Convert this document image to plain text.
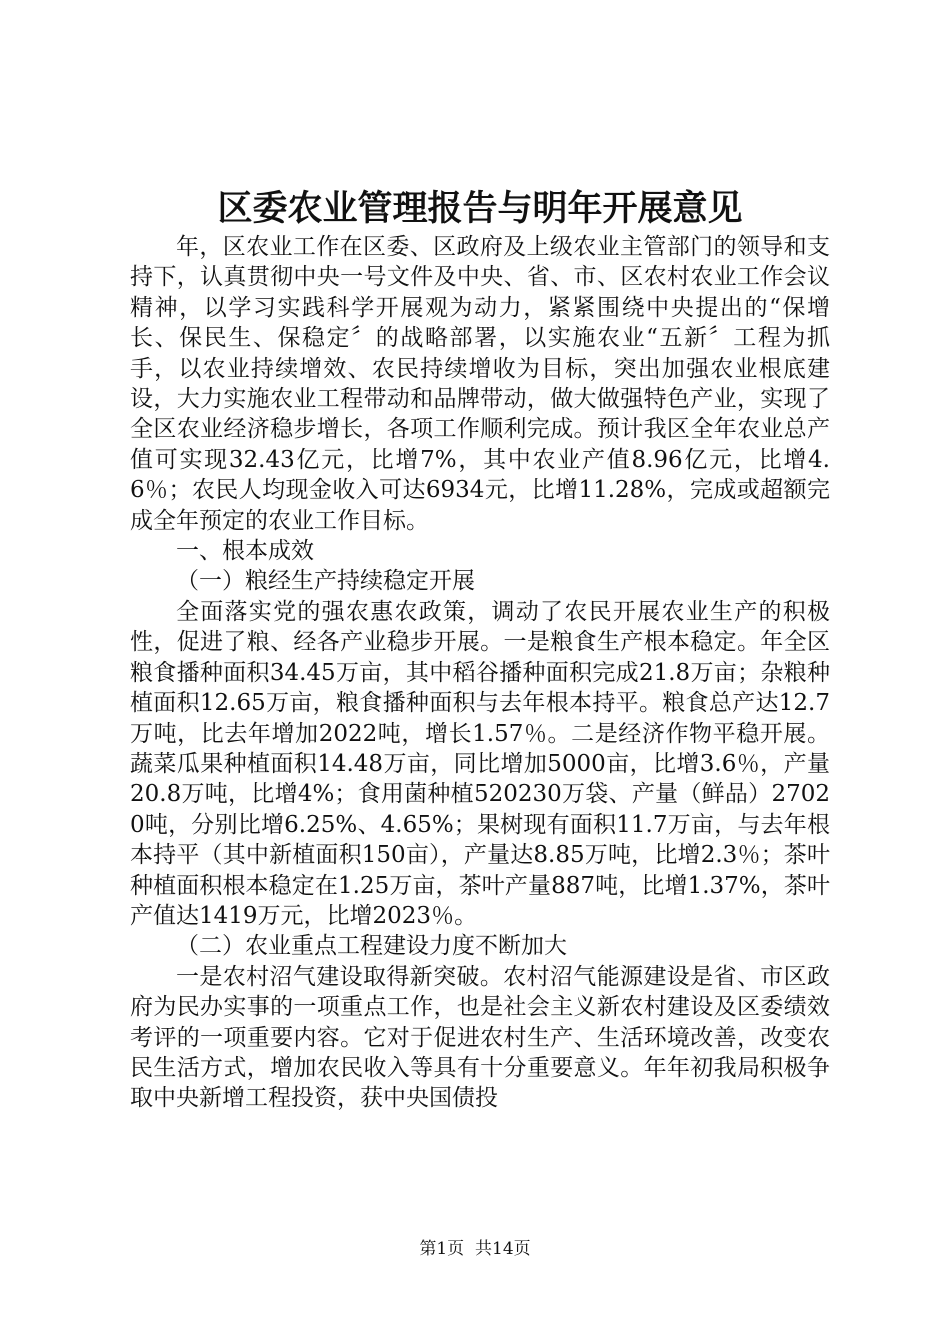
区委农业管理报告与明年开展意见

年，区农业工作在区委、区政府及上级农业主管部门的领导和支持下，认真贯彻中央一号文件及中央、省、市、区农村农业工作会议精神，以学习实践科学开展观为动力，紧紧围绕中央提出的“保增长、保民生、保稳定〞的战略部署，以实施农业“五新〞工程为抓手，以农业持续增效、农民持续增收为目标，突出加强农业根底建设，大力实施农业工程带动和品牌带动，做大做强特色产业，实现了全区农业经济稳步增长，各项工作顺利完成。预计我区全年农业总产值可实现32.43亿元，比增7%，其中农业产值8.96亿元，比增4.6％；农民人均现金收入可达6934元，比增11.28%，完成或超额完成全年预定的农业工作目标。

一、根本成效

（一）粮经生产持续稳定开展

全面落实党的强农惠农政策，调动了农民开展农业生产的积极性，促进了粮、经各产业稳步开展。一是粮食生产根本稳定。年全区粮食播种面积34.45万亩，其中稻谷播种面积完成21.8万亩；杂粮种植面积12.65万亩，粮食播种面积与去年根本持平。粮食总产达12.7万吨，比去年增加2022吨，增长1.57％。二是经济作物平稳开展。蔬菜瓜果种植面积14.48万亩，同比增加5000亩，比增3.6％，产量20.8万吨，比增4%；食用菌种植520230万袋、产量（鲜品）27020吨，分别比增6.25%、4.65%；果树现有面积11.7万亩，与去年根本持平（其中新植面积150亩），产量达8.85万吨，比增2.3％；茶叶种植面积根本稳定在1.25万亩，茶叶产量887吨，比增1.37%，茶叶产值达1419万元，比增2023％。

（二）农业重点工程建设力度不断加大

一是农村沼气建设取得新突破。农村沼气能源建设是省、市区政府为民办实事的一项重点工作，也是社会主义新农村建设及区委绩效考评的一项重要内容。它对于促进农村生产、生活环境改善，改变农民生活方式，增加农民收入等具有十分重要意义。年年初我局积极争取中央新增工程投资，获中央国债投

第1页 共14页
